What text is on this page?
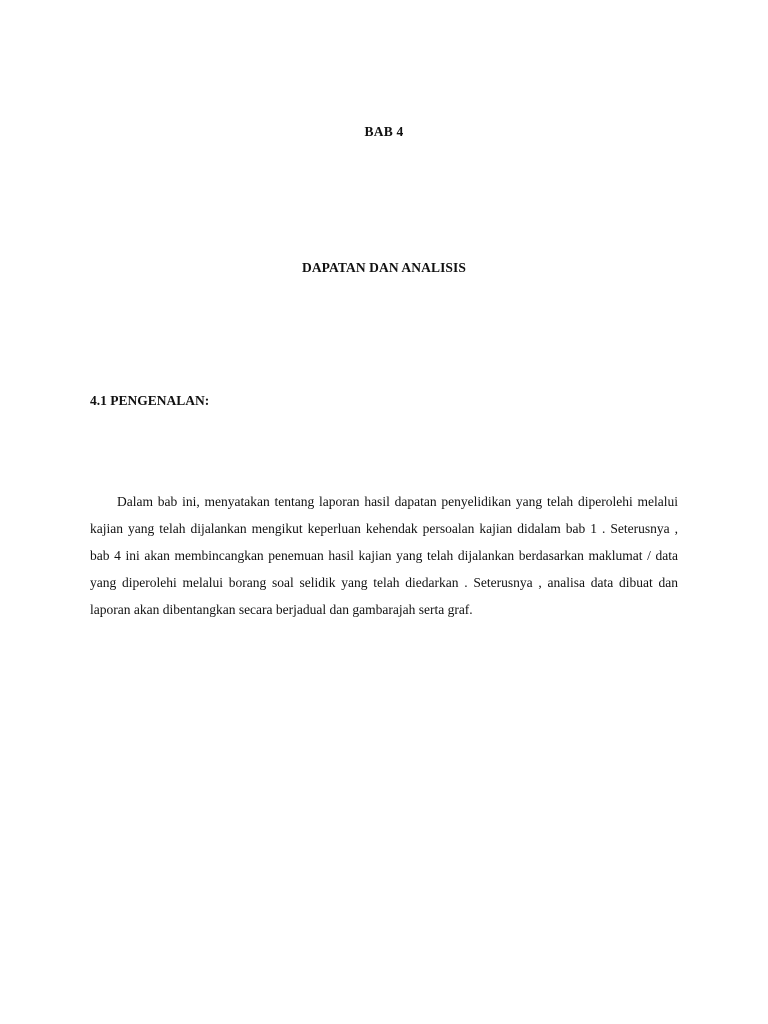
BAB 4
DAPATAN DAN ANALISIS
4.1 PENGENALAN:

Dalam bab ini, menyatakan tentang laporan hasil dapatan penyelidikan yang telah diperolehi melalui kajian yang telah dijalankan mengikut keperluan kehendak persoalan kajian didalam bab 1 . Seterusnya , bab 4 ini akan membincangkan penemuan hasil kajian yang telah dijalankan berdasarkan maklumat / data yang diperolehi melalui borang soal selidik yang telah diedarkan . Seterusnya , analisa data dibuat dan laporan akan dibentangkan secara berjadual dan gambarajah serta graf.
